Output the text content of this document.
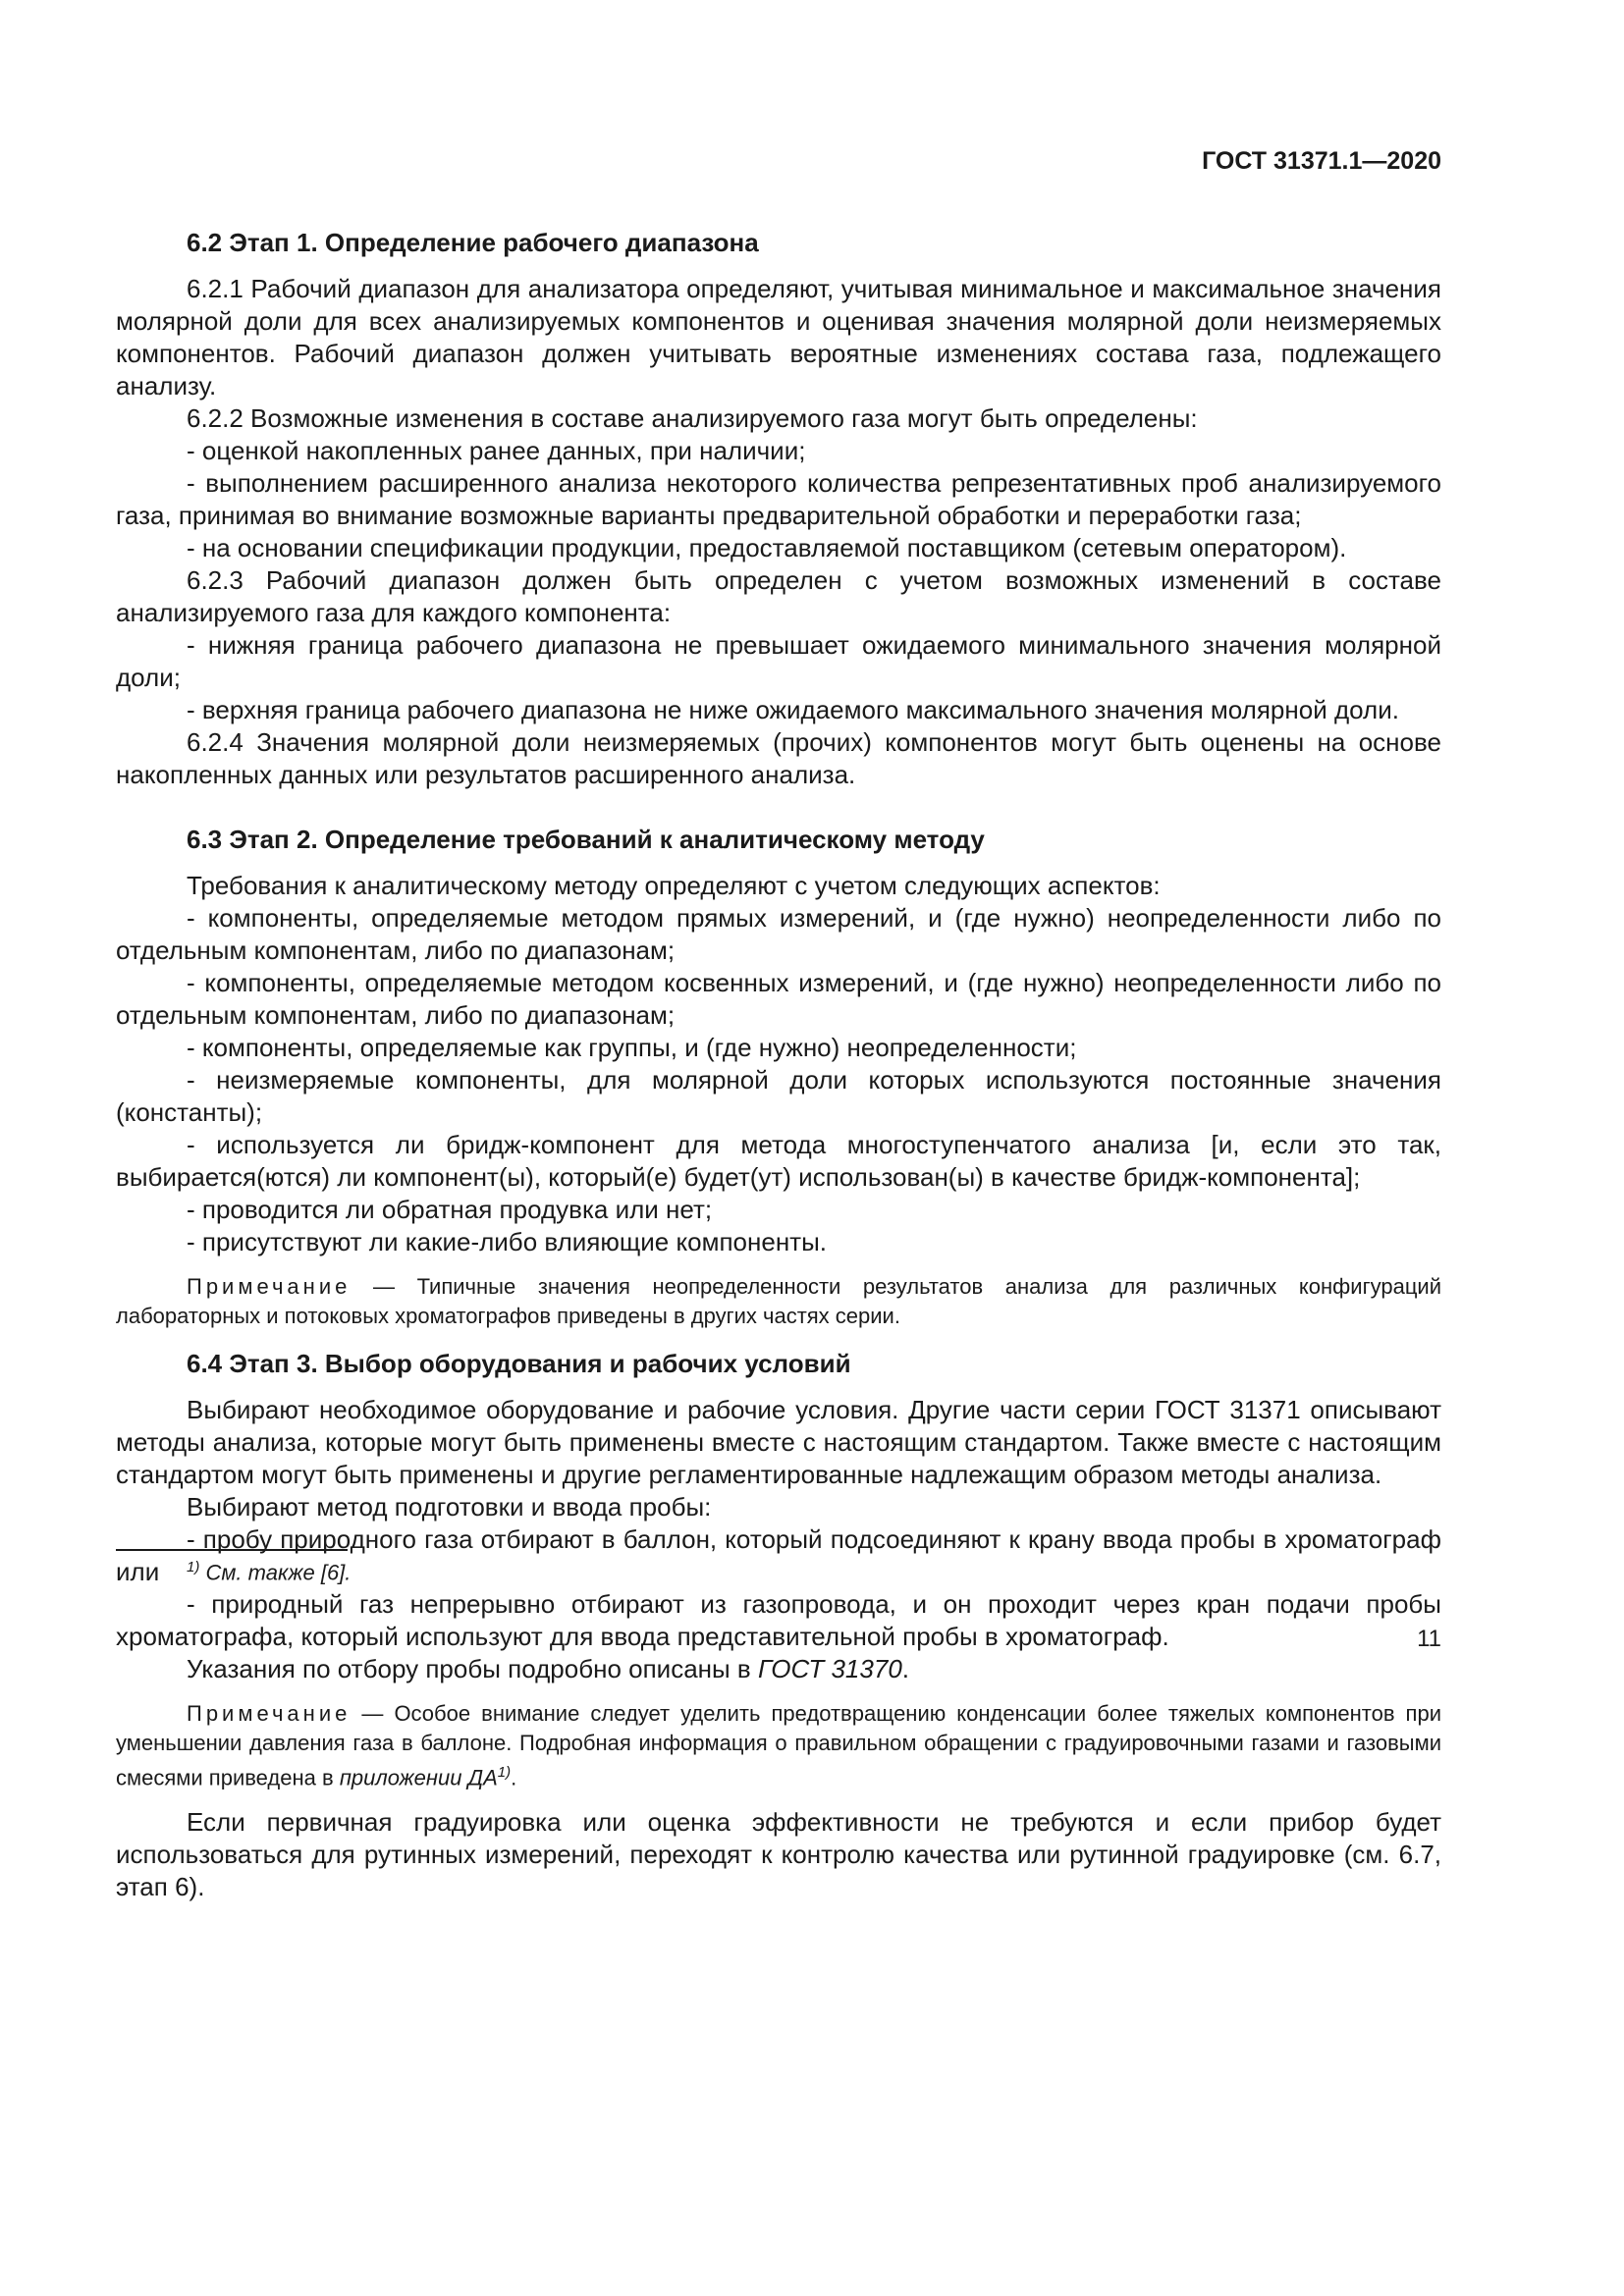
ГОСТ 31371.1—2020
6.2 Этап 1. Определение рабочего диапазона

6.2.1 Рабочий диапазон для анализатора определяют, учитывая минимальное и максимальное значения молярной доли для всех анализируемых компонентов и оценивая значения молярной доли неизмеряемых компонентов. Рабочий диапазон должен учитывать вероятные изменениях состава газа, подлежащего анализу.

6.2.2 Возможные изменения в составе анализируемого газа могут быть определены:

- оценкой накопленных ранее данных, при наличии;

- выполнением расширенного анализа некоторого количества репрезентативных проб анализируемого газа, принимая во внимание возможные варианты предварительной обработки и переработки газа;

- на основании спецификации продукции, предоставляемой поставщиком (сетевым оператором).

6.2.3 Рабочий диапазон должен быть определен с учетом возможных изменений в составе анализируемого газа для каждого компонента:

- нижняя граница рабочего диапазона не превышает ожидаемого минимального значения молярной доли;

- верхняя граница рабочего диапазона не ниже ожидаемого максимального значения молярной доли.

6.2.4 Значения молярной доли неизмеряемых (прочих) компонентов могут быть оценены на основе накопленных данных или результатов расширенного анализа.

6.3 Этап 2. Определение требований к аналитическому методу

Требования к аналитическому методу определяют с учетом следующих аспектов:

- компоненты, определяемые методом прямых измерений, и (где нужно) неопределенности либо по отдельным компонентам, либо по диапазонам;

- компоненты, определяемые методом косвенных измерений, и (где нужно) неопределенности либо по отдельным компонентам, либо по диапазонам;

- компоненты, определяемые как группы, и (где нужно) неопределенности;

- неизмеряемые компоненты, для молярной доли которых используются постоянные значения (константы);

- используется ли бридж-компонент для метода многоступенчатого анализа [и, если это так, выбирается(ются) ли компонент(ы), который(е) будет(ут) использован(ы) в качестве бридж-компонента];

- проводится ли обратная продувка или нет;

- присутствуют ли какие-либо влияющие компоненты.

Примечание — Типичные значения неопределенности результатов анализа для различных конфигураций лабораторных и потоковых хроматографов приведены в других частях серии.

6.4 Этап 3. Выбор оборудования и рабочих условий

Выбирают необходимое оборудование и рабочие условия. Другие части серии ГОСТ 31371 описывают методы анализа, которые могут быть применены вместе с настоящим стандартом. Также вместе с настоящим стандартом могут быть применены и другие регламентированные надлежащим образом методы анализа.

Выбирают метод подготовки и ввода пробы:

- пробу природного газа отбирают в баллон, который подсоединяют к крану ввода пробы в хроматограф или

- природный газ непрерывно отбирают из газопровода, и он проходит через кран подачи пробы хроматографа, который используют для ввода представительной пробы в хроматограф.

Указания по отбору пробы подробно описаны в ГОСТ 31370.

Примечание — Особое внимание следует уделить предотвращению конденсации более тяжелых компонентов при уменьшении давления газа в баллоне. Подробная информация о правильном обращении с градуировочными газами и газовыми смесями приведена в приложении ДА$^{1)}$.

Если первичная градуировка или оценка эффективности не требуются и если прибор будет использоваться для рутинных измерений, переходят к контролю качества или рутинной градуировке (см. 6.7, этап 6).

$^{1)}$ См. также [6].
11
